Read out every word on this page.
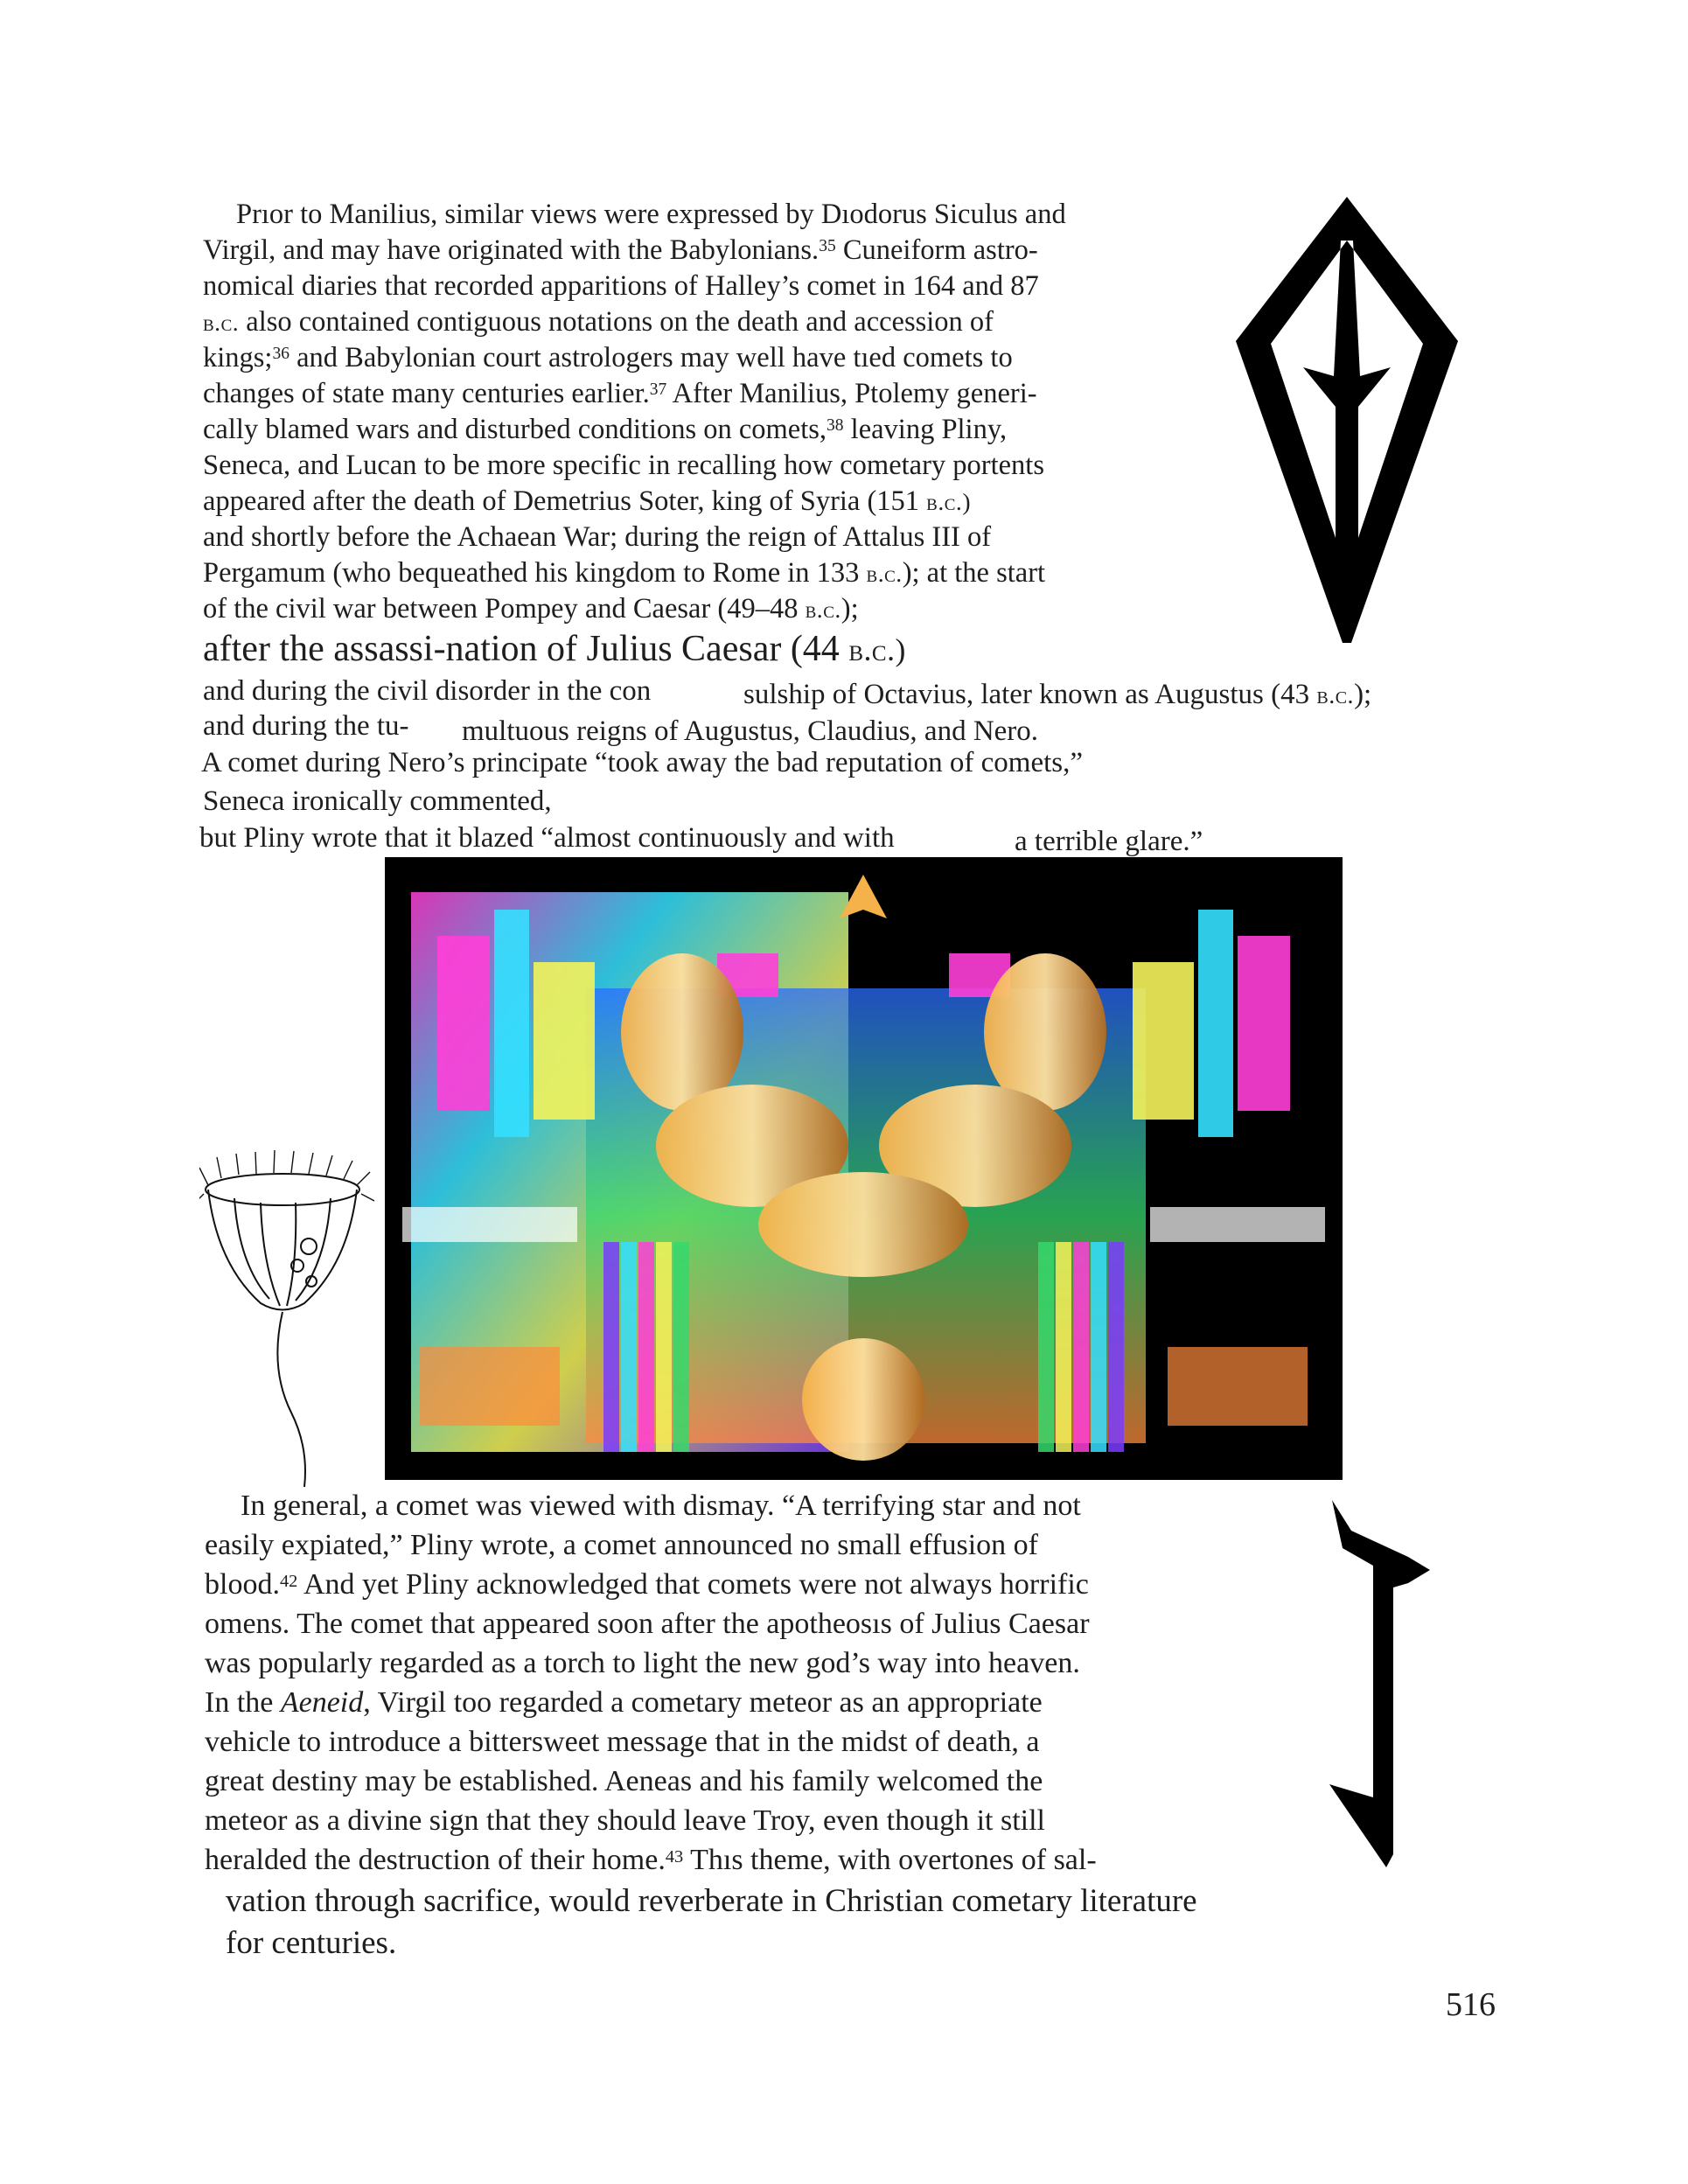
Prıor to Manilius, similar views were expressed by Dıodorus Siculus and
Virgil, and may have originated with the Babylonians.$^{35}$ Cuneiform astro-
nomical diaries that recorded apparitions of Halley’s comet in 164 and 87
b.c. also contained contiguous notations on the death and accession of
kings;$^{36}$ and Babylonian court astrologers may well have tıed comets to
changes of state many centuries earlier.$^{37}$ After Manilius, Ptolemy generi-
cally blamed wars and disturbed conditions on comets,$^{38}$ leaving Pliny,
Seneca, and Lucan to be more specific in recalling how cometary portents
appeared after the death of Demetrius Soter, king of Syria (151 b.c.)
and shortly before the Achaean War; during the reign of Attalus III of
Pergamum (who bequeathed his kingdom to Rome in 133 b.c.); at the start
of the civil war between Pompey and Caesar (49–48 b.c.);
after the assassi-nation of Julius Caesar (44 b.c.)
and during the civil disorder in the con	sulship of Octavius, later known as Augustus (43 b.c.);
and during the tu- multuous reigns of Augustus, Claudius, and Nero.
A comet during Nero’s principate “took away the bad reputation of comets,”
Seneca ironically commented,
but Pliny wrote that it blazed “almost continuously and with	a terrible glare.”
In general, a comet was viewed with dismay. “A terrifying star and not
easily expiated,” Pliny wrote, a comet announced no small effusion of
blood.$^{42}$ And yet Pliny acknowledged that comets were not always horrific
omens. The comet that appeared soon after the apotheosıs of Julius Caesar
was popularly regarded as a torch to light the new god’s way into heaven.
In the Aeneid, Virgil too regarded a cometary meteor as an appropriate
vehicle to introduce a bittersweet message that in the midst of death, a
great destiny may be established. Aeneas and his family welcomed the
meteor as a divine sign that they should leave Troy, even though it still
heralded the destruction of their home.$^{43}$ Thıs theme, with overtones of sal-
vation through sacrifice, would reverberate in Christian cometary literature
for centuries.
516
